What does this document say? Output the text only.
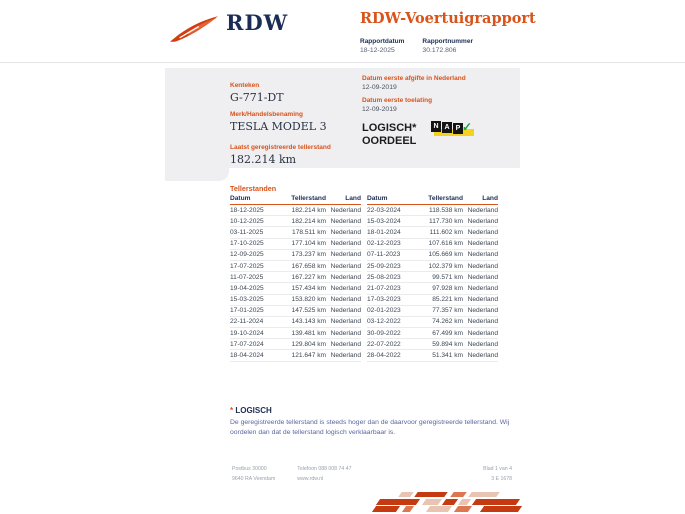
RDW	RDW-Voertuigrapport
Rapportdatum
18-12-2025
Rapportnummer
30.172.806
Kenteken
G-771-DT
Merk/Handelsbenaming
TESLA MODEL 3
Laatst geregistreerde tellerstand
182.214 km
Datum eerste afgifte in Nederland
12-09-2019
Datum eerste toelating
12-09-2019
LOGISCH*
OORDEEL
N A P ✓
Tellerstanden
Datum	Tellerstand	Land
18-12-2025	182.214 km Nederland
10-12-2025	182.214 km Nederland
03-11-2025	178.511 km Nederland
17-10-2025	177.104 km Nederland
12-09-2025	173.237 km Nederland
17-07-2025	167.658 km Nederland
11-07-2025	167.227 km Nederland
19-04-2025	157.434 km Nederland
15-03-2025	153.820 km Nederland
17-01-2025	147.525 km Nederland
22-11-2024	143.143 km Nederland
19-10-2024	139.481 km Nederland
17-07-2024	129.804 km Nederland
18-04-2024	121.647 km Nederland
Datum	Tellerstand	Land
22-03-2024	118.538 km Nederland
15-03-2024	117.730 km Nederland
18-01-2024	111.602 km Nederland
02-12-2023	107.616 km Nederland
07-11-2023	105.669 km Nederland
25-09-2023	102.379 km Nederland
25-08-2023	99.571 km Nederland
21-07-2023	97.928 km Nederland
17-03-2023	85.221 km Nederland
02-01-2023	77.357 km Nederland
03-12-2022	74.262 km Nederland
30-09-2022	67.499 km Nederland
22-07-2022	59.894 km Nederland
28-04-2022	51.341 km Nederland
* LOGISCH
De geregistreerde tellerstand is steeds hoger dan de daarvoor geregistreerde tellerstand. Wij oordelen dan dat de tellerstand logisch verklaarbaar is.
Postbus 30000
9640 RA Veendam
Telefoon 088 008 74 47
www.rdw.nl
Blad 1 van 4
3 E 1678
